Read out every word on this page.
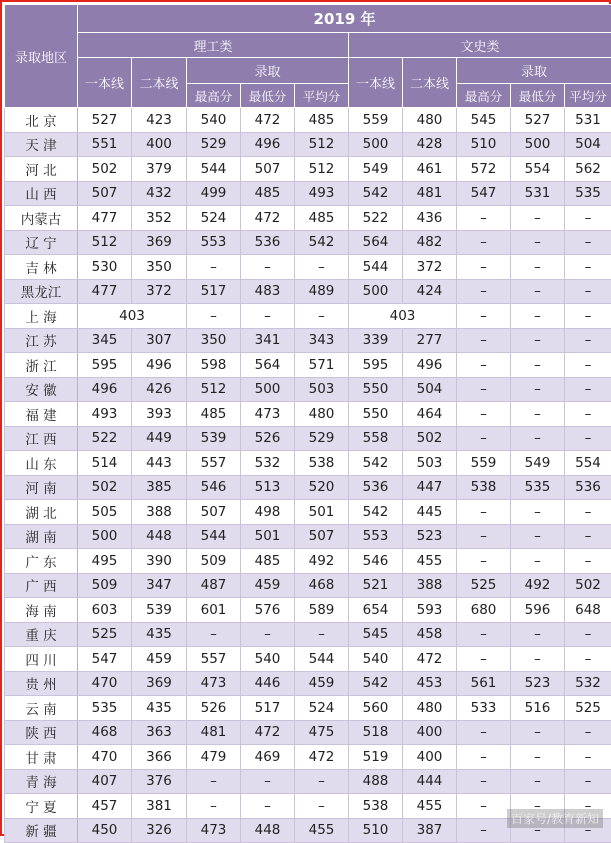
录取地区	2019 年									
	理工类					文史类				
	一本线	二本线	录取			一本线	二本线	录取		
			最高分	最低分	平均分			最高分	最低分	平均分
北 京	527	423	540	472	485	559	480	545	527	531
天 津	551	400	529	496	512	500	428	510	500	504
河 北	502	379	544	507	512	549	461	572	554	562
山 西	507	432	499	485	493	542	481	547	531	535
内蒙古	477	352	524	472	485	522	436	–	–	–
辽 宁	512	369	553	536	542	564	482	–	–	–
吉 林	530	350	–	–	–	544	372	–	–	–
黑龙江	477	372	517	483	489	500	424	–	–	–
上 海	403		–	–	–	403		–	–	–
江 苏	345	307	350	341	343	339	277	–	–	–
浙 江	595	496	598	564	571	595	496	–	–	–
安 徽	496	426	512	500	503	550	504	–	–	–
福 建	493	393	485	473	480	550	464	–	–	–
江 西	522	449	539	526	529	558	502	–	–	–
山 东	514	443	557	532	538	542	503	559	549	554
河 南	502	385	546	513	520	536	447	538	535	536
湖 北	505	388	507	498	501	542	445	–	–	–
湖 南	500	448	544	501	507	553	523	–	–	–
广 东	495	390	509	485	492	546	455	–	–	–
广 西	509	347	487	459	468	521	388	525	492	502
海 南	603	539	601	576	589	654	593	680	596	648
重 庆	525	435	–	–	–	545	458	–	–	–
四 川	547	459	557	540	544	540	472	–	–	–
贵 州	470	369	473	446	459	542	453	561	523	532
云 南	535	435	526	517	524	560	480	533	516	525
陕 西	468	363	481	472	475	518	400	–	–	–
甘 肃	470	366	479	469	472	519	400	–	–	–
青 海	407	376	–	–	–	488	444	–	–	–
宁 夏	457	381	–	–	–	538	455	–	–	–
新 疆	450	326	473	448	455	510	387	–	–	–
百家号/教育新知
